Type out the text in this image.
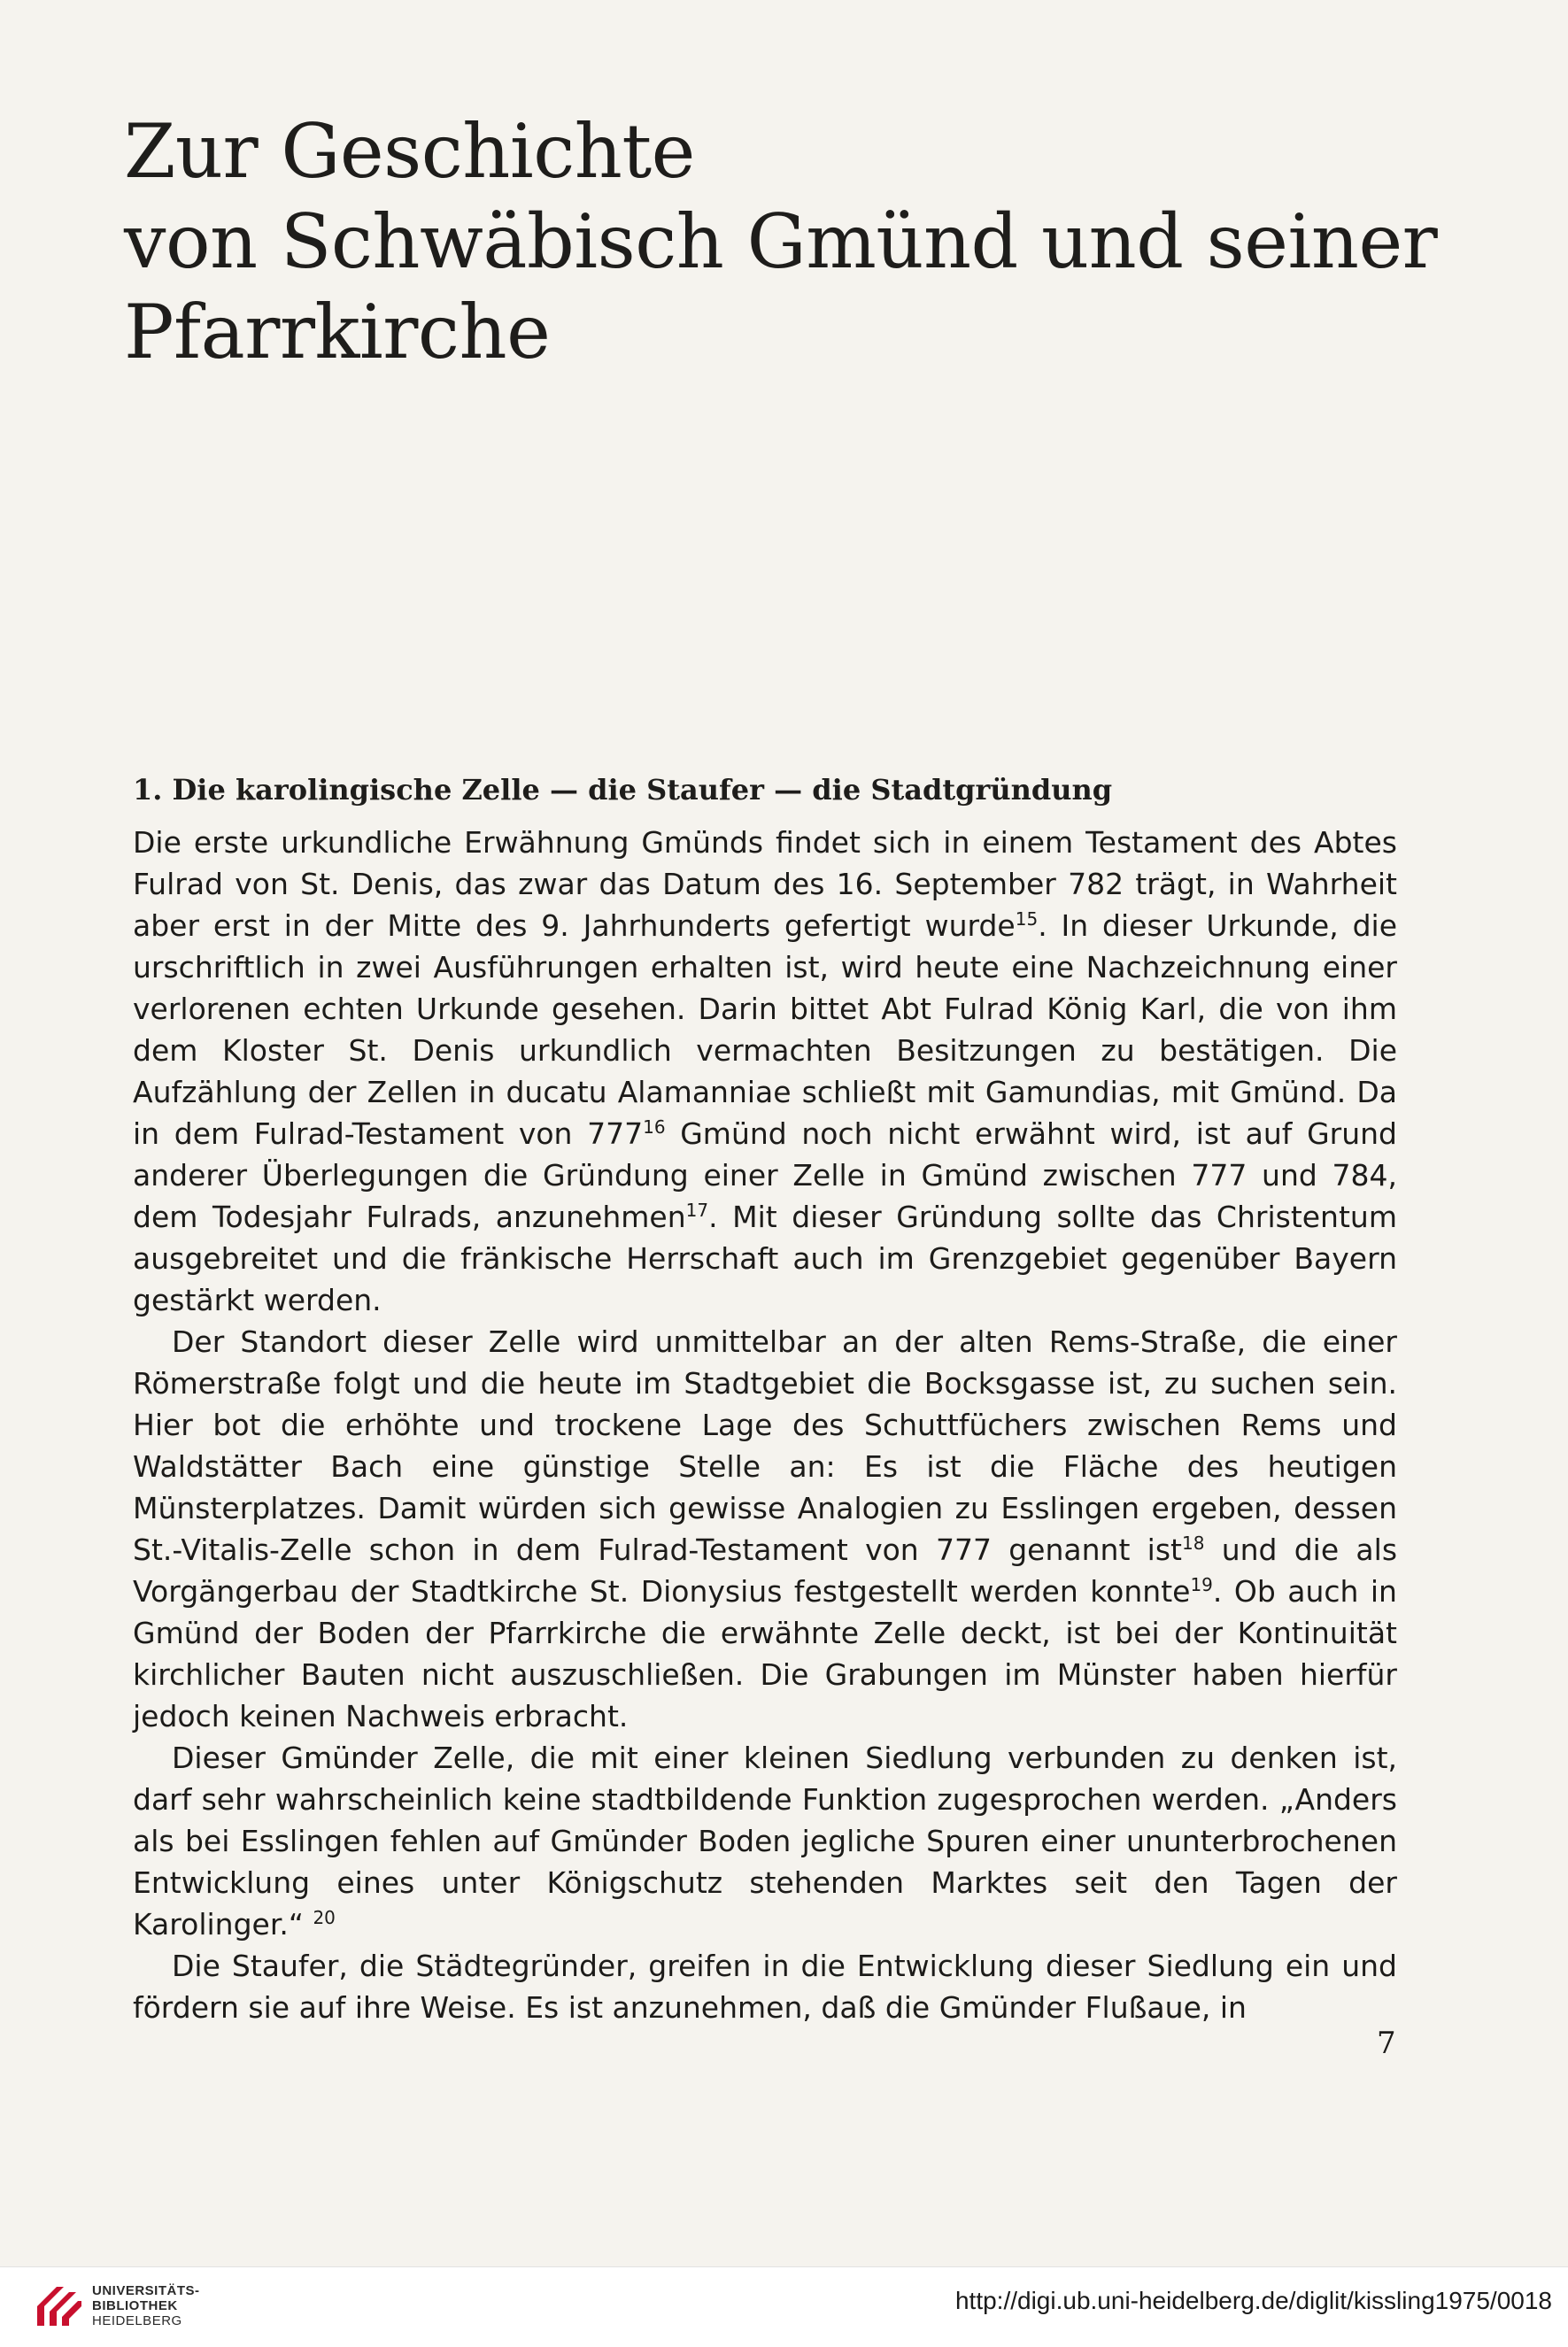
Zur Geschichte
von Schwäbisch Gmünd und seiner
Pfarrkirche
1. Die karolingische Zelle — die Staufer — die Stadtgründung

Die erste urkundliche Erwähnung Gmünds findet sich in einem Testament des Abtes Fulrad von St. Denis, das zwar das Datum des 16. September 782 trägt, in Wahrheit aber erst in der Mitte des 9. Jahrhunderts gefertigt wurde$^{15}$. In dieser Urkunde, die urschriftlich in zwei Ausführungen erhalten ist, wird heute eine Nachzeichnung einer verlorenen echten Urkunde gesehen. Darin bittet Abt Fulrad König Karl, die von ihm dem Kloster St. Denis urkundlich vermachten Besitzungen zu bestätigen. Die Aufzählung der Zellen in ducatu Alamanniae schließt mit Gamundias, mit Gmünd. Da in dem Fulrad-Testament von $777^{16}$ Gmünd noch nicht erwähnt wird, ist auf Grund anderer Überlegungen die Gründung einer Zelle in Gmünd zwischen 777 und 784, dem Todesjahr Fulrads, anzunehmen$^{17}$. Mit dieser Gründung sollte das Christentum ausgebreitet und die fränkische Herrschaft auch im Grenzgebiet gegenüber Bayern gestärkt werden.

Der Standort dieser Zelle wird unmittelbar an der alten Rems-Straße, die einer Römerstraße folgt und die heute im Stadtgebiet die Bocksgasse ist, zu suchen sein. Hier bot die erhöhte und trockene Lage des Schuttfüchers zwischen Rems und Waldstätter Bach eine günstige Stelle an: Es ist die Fläche des heutigen Münsterplatzes. Damit würden sich gewisse Analogien zu Esslingen ergeben, dessen St.-Vitalis-Zelle schon in dem Fulrad-Testament von 777 genannt ist$^{18}$ und die als Vorgängerbau der Stadtkirche St. Dionysius festgestellt werden konnte$^{19}$. Ob auch in Gmünd der Boden der Pfarrkirche die erwähnte Zelle deckt, ist bei der Kontinuität kirchlicher Bauten nicht auszuschließen. Die Grabungen im Münster haben hierfür jedoch keinen Nachweis erbracht.

Dieser Gmünder Zelle, die mit einer kleinen Siedlung verbunden zu denken ist, darf sehr wahrscheinlich keine stadtbildende Funktion zugesprochen werden. „Anders als bei Esslingen fehlen auf Gmünder Boden jegliche Spuren einer ununterbrochenen Entwicklung eines unter Königschutz stehenden Marktes seit den Tagen der Karolinger.“ $^{20}$

Die Staufer, die Städtegründer, greifen in die Entwicklung dieser Siedlung ein und fördern sie auf ihre Weise. Es ist anzunehmen, daß die Gmünder Flußaue, in

7
UNIVERSITÄTS-
BIBLIOTHEK
HEIDELBERG
http://digi.ub.uni-heidelberg.de/diglit/kissling1975/0018
